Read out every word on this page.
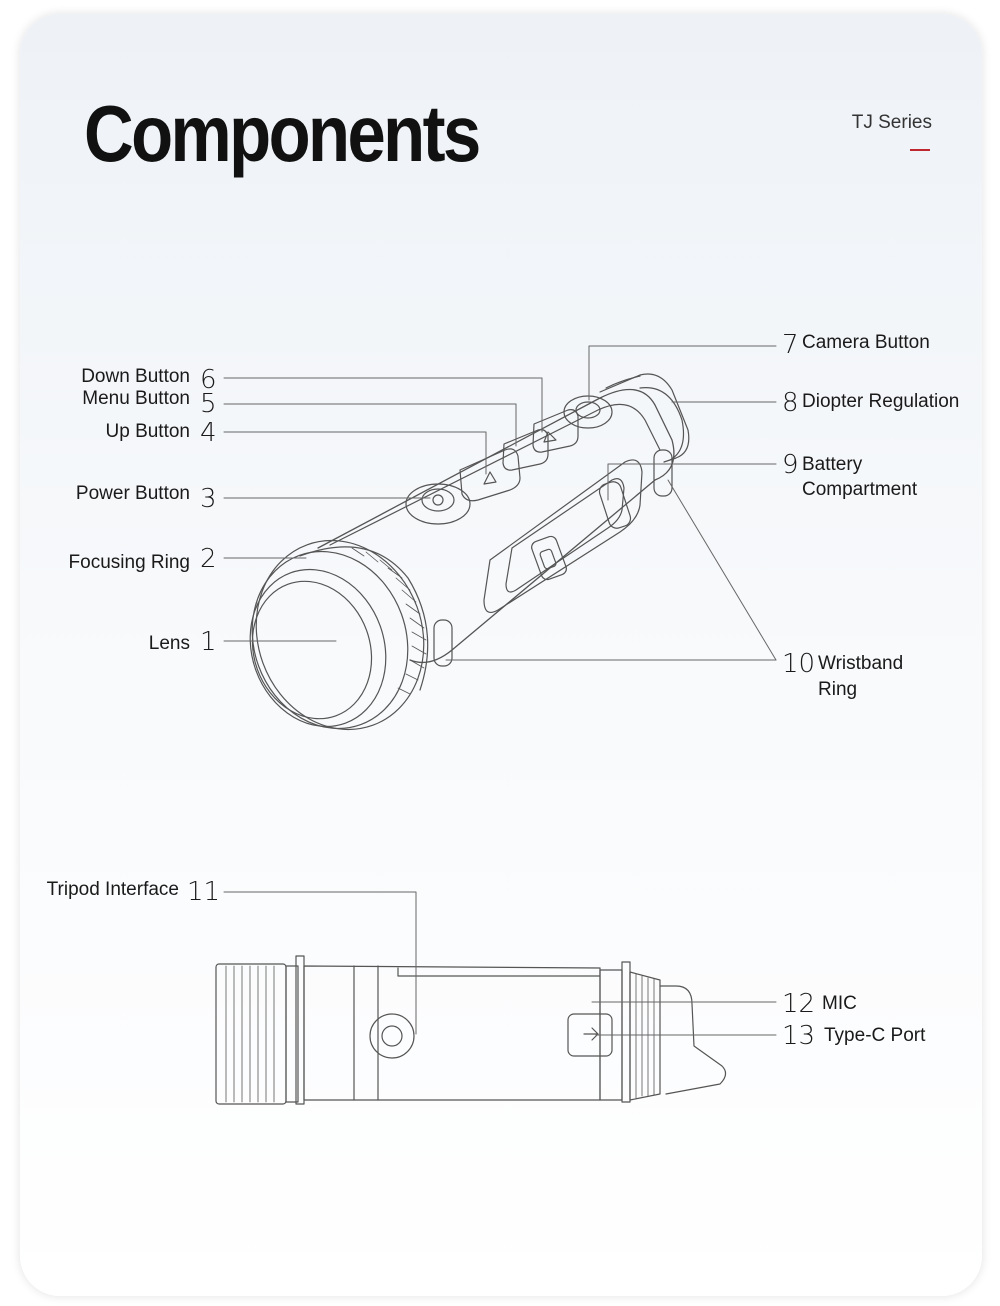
Components	TJ Series
Down Button 6
Menu Button 5
Up Button 4
Power Button 3
Focusing Ring 2
Lens 1
Tripod Interface 11
7 Camera Button
8 Diopter Regulation
9 Battery Compartment
10 Wristband Ring
12 MIC
13 Type-C Port
